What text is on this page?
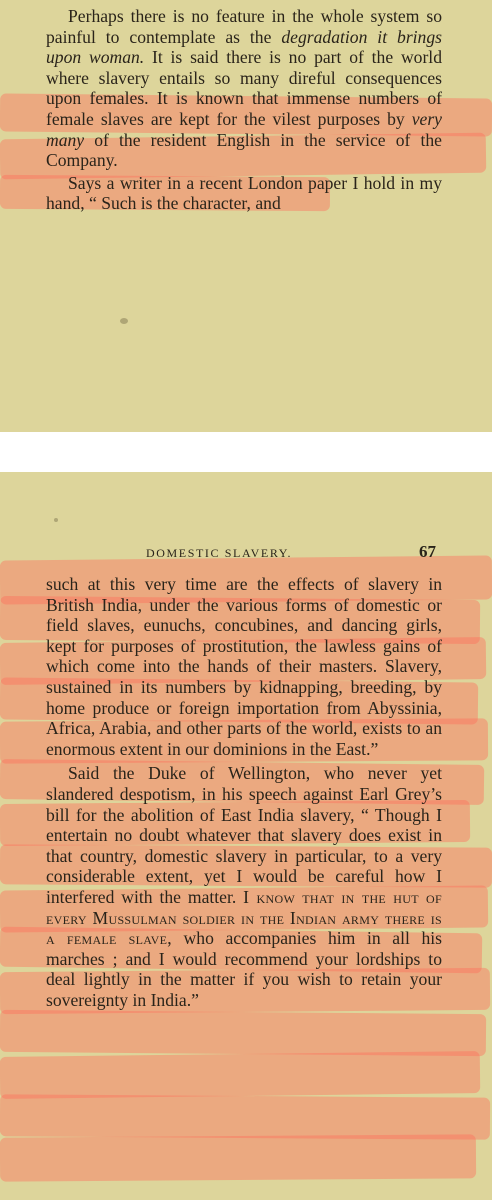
Perhaps there is no feature in the whole system so painful to contemplate as the degradation it brings upon woman. It is said there is no part of the world where slavery entails so many direful consequences upon females. It is known that immense numbers of female slaves are kept for the vilest purposes by very many of the resident English in the service of the Company.

Says a writer in a recent London paper I hold in my hand, “ Such is the character, and

DOMESTIC SLAVERY.	67

such at this very time are the effects of slavery in British India, under the various forms of domestic or field slaves, eunuchs, concubines, and dancing girls, kept for purposes of prostitution, the lawless gains of which come into the hands of their masters. Slavery, sustained in its numbers by kidnapping, breeding, by home produce or foreign importation from Abyssinia, Africa, Arabia, and other parts of the world, exists to an enormous extent in our dominions in the East.”

Said the Duke of Wellington, who never yet slandered despotism, in his speech against Earl Grey’s bill for the abolition of East India slavery, “ Though I entertain no doubt whatever that slavery does exist in that country, domestic slavery in particular, to a very considerable extent, yet I would be careful how I interfered with the matter. I know that in the hut of every Mussulman soldier in the Indian army there is a female slave, who accompanies him in all his marches ; and I would recommend your lordships to deal lightly in the matter if you wish to retain your sovereignty in India.”
